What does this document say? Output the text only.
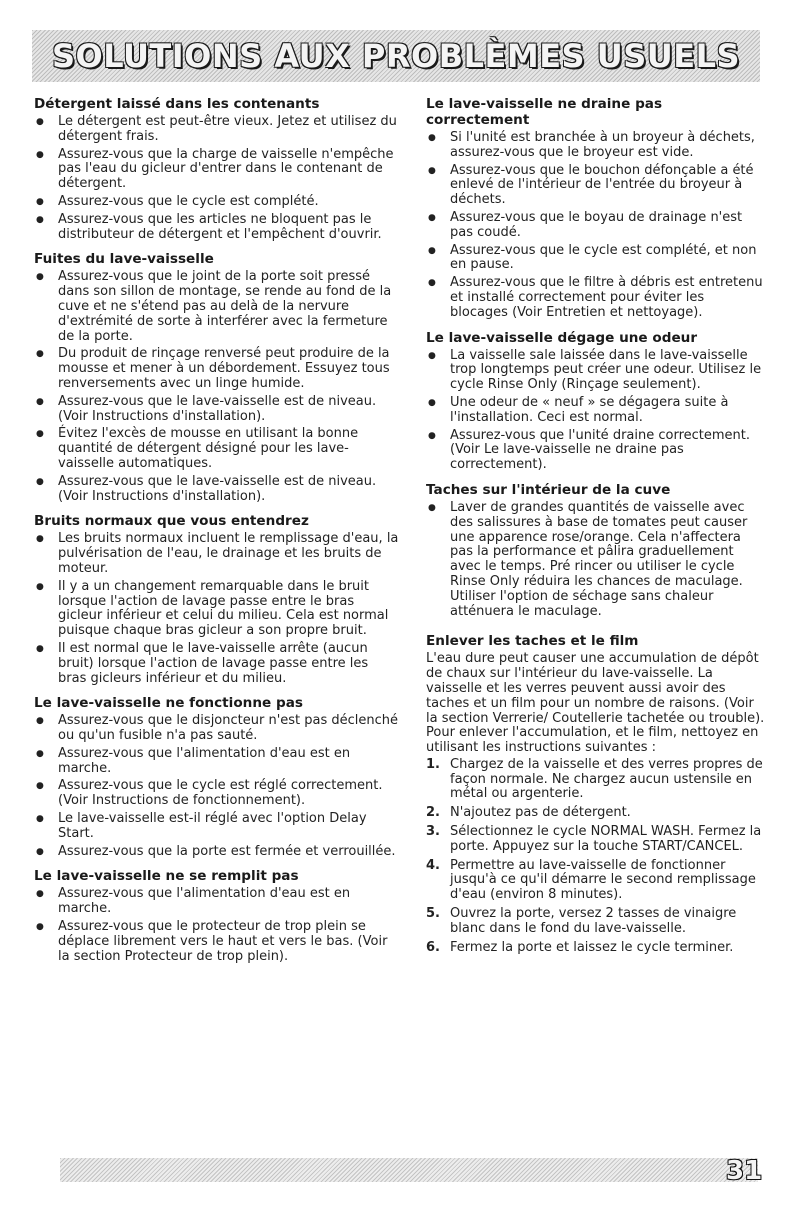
SOLUTIONS AUX PROBLÈMES USUELS
Détergent laissé dans les contenants
● Le détergent est peut-être vieux. Jetez et utilisez du détergent frais.
● Assurez-vous que la charge de vaisselle n'empêche pas l'eau du gicleur d'entrer dans le contenant de détergent.
● Assurez-vous que le cycle est complété.
● Assurez-vous que les articles ne bloquent pas le distributeur de détergent et l'empêchent d'ouvrir.
Fuites du lave-vaisselle
● Assurez-vous que le joint de la porte soit pressé dans son sillon de montage, se rende au fond de la cuve et ne s'étend pas au delà de la nervure d'extrémité de sorte à interférer avec la fermeture de la porte.
● Du produit de rinçage renversé peut produire de la mousse et mener à un débordement. Essuyez tous renversements avec un linge humide.
● Assurez-vous que le lave-vaisselle est de niveau. (Voir Instructions d'installation).
● Évitez l'excès de mousse en utilisant la bonne quantité de détergent désigné pour les lave-vaisselle automatiques.
● Assurez-vous que le lave-vaisselle est de niveau. (Voir Instructions d'installation).
Bruits normaux que vous entendrez
● Les bruits normaux incluent le remplissage d'eau, la pulvérisation de l'eau, le drainage et les bruits de moteur.
● Il y a un changement remarquable dans le bruit lorsque l'action de lavage passe entre le bras gicleur inférieur et celui du milieu. Cela est normal puisque chaque bras gicleur a son propre bruit.
● Il est normal que le lave-vaisselle arrête (aucun bruit) lorsque l'action de lavage passe entre les bras gicleurs inférieur et du milieu.
Le lave-vaisselle ne fonctionne pas
● Assurez-vous que le disjoncteur n'est pas déclenché ou qu'un fusible n'a pas sauté.
● Assurez-vous que l'alimentation d'eau est en marche.
● Assurez-vous que le cycle est réglé correctement. (Voir Instructions de fonctionnement).
● Le lave-vaisselle est-il réglé avec l'option Delay Start.
● Assurez-vous que la porte est fermée et verrouillée.
Le lave-vaisselle ne se remplit pas
● Assurez-vous que l'alimentation d'eau est en marche.
● Assurez-vous que le protecteur de trop plein se déplace librement vers le haut et vers le bas. (Voir la section Protecteur de trop plein).
Le lave-vaisselle ne draine pas correctement
● Si l'unité est branchée à un broyeur à déchets, assurez-vous que le broyeur est vide.
● Assurez-vous que le bouchon défonçable a été enlevé de l'intérieur de l'entrée du broyeur à déchets.
● Assurez-vous que le boyau de drainage n'est pas coudé.
● Assurez-vous que le cycle est complété, et non en pause.
● Assurez-vous que le filtre à débris est entretenu et installé correctement pour éviter les blocages (Voir Entretien et nettoyage).
Le lave-vaisselle dégage une odeur
● La vaisselle sale laissée dans le lave-vaisselle trop longtemps peut créer une odeur. Utilisez le cycle Rinse Only (Rinçage seulement).
● Une odeur de « neuf » se dégagera suite à l'installation. Ceci est normal.
● Assurez-vous que l'unité draine correctement. (Voir Le lave-vaisselle ne draine pas correctement).
Taches sur l'intérieur de la cuve
● Laver de grandes quantités de vaisselle avec des salissures à base de tomates peut causer une apparence rose/orange. Cela n'affectera pas la performance et pâlira graduellement avec le temps. Pré rincer ou utiliser le cycle Rinse Only réduira les chances de maculage. Utiliser l'option de séchage sans chaleur atténuera le maculage.
Enlever les taches et le film

L'eau dure peut causer une accumulation de dépôt de chaux sur l'intérieur du lave-vaisselle. La vaisselle et les verres peuvent aussi avoir des taches et un film pour un nombre de raisons. (Voir la section Verrerie/ Coutellerie tachetée ou trouble). Pour enlever l'accumulation, et le film, nettoyez en utilisant les instructions suivantes :

1. Chargez de la vaisselle et des verres propres de façon normale. Ne chargez aucun ustensile en métal ou argenterie.
2. N'ajoutez pas de détergent.
3. Sélectionnez le cycle NORMAL WASH. Fermez la porte. Appuyez sur la touche START/CANCEL.
4. Permettre au lave-vaisselle de fonctionner jusqu'à ce qu'il démarre le second remplissage d'eau (environ 8 minutes).
5. Ouvrez la porte, versez 2 tasses de vinaigre blanc dans le fond du lave-vaisselle.
6. Fermez la porte et laissez le cycle terminer.
31
